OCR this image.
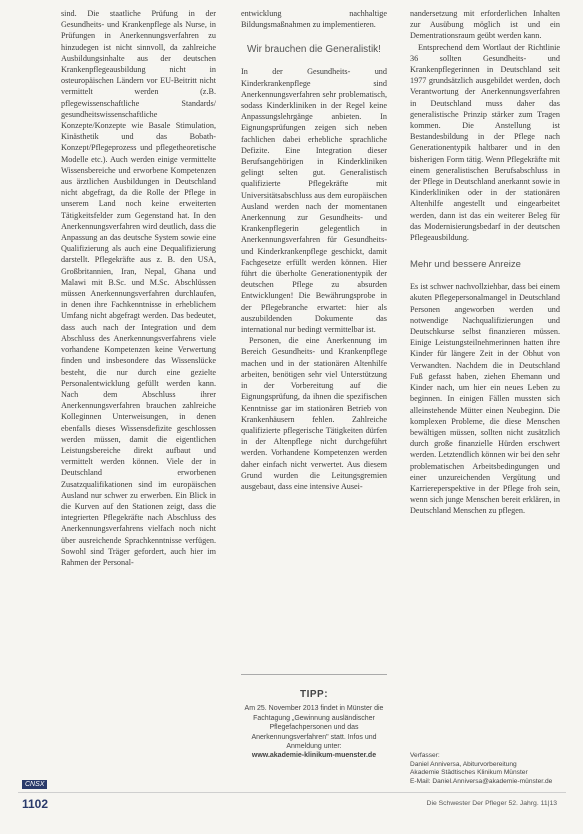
sind. Die staatliche Prüfung in der Gesundheits- und Krankenpflege als Nurse, in Prüfungen in Anerkennungsverfahren zu hinzudegen ist nicht sinnvoll, da zahlreiche Ausbildungsinhalte aus der deutschen Krankenpflegeausbildung nicht in osteuropäischen Ländern vor EU-Beitritt nicht vermittelt werden (z.B. pflegewissenschaftliche Standards/ gesundheitswissenschaftliche Konzepte/Konzepte wie Basale Stimulation, Kinästhetik und das Bobath-Konzept/Pflegeprozess und pflegetheoretische Modelle etc.). Auch werden einige vermittelte Wissensbereiche und erworbene Kompetenzen aus ärztlichen Ausbildungen in Deutschland nicht abgefragt, da die Rolle der Pflege in unserem Land noch keine erweiterten Tätigkeitsfelder zum Gegenstand hat. In den Anerkennungsverfahren wird deutlich, dass die Anpassung an das deutsche System sowie eine Qualifizierung als auch eine Dequalifizierung darstellt. Pflegekräfte aus z. B. den USA, Großbritannien, Iran, Nepal, Ghana und Malawi mit B.Sc. und M.Sc. Abschlüssen müssen Anerkennungsverfahren durchlaufen, in denen ihre Fachkenntnisse in erheblichem Umfang nicht abgefragt werden. Das bedeutet, dass auch nach der Integration und dem Abschluss des Anerkennungsverfahrens viele vorhandene Kompetenzen keine Verwertung finden und insbesondere das Wissenslücke besteht, die nur durch eine gezielte Personalentwicklung gefüllt werden kann. Nach dem Abschluss ihrer Anerkennungsverfahren brauchen zahlreiche Kolleginnen Unterweisungen, in denen ebenfalls dieses Wissensdefizite geschlossen werden müssen, damit die eigentlichen Leistungsbereiche direkt aufbaut und vermittelt werden können. Viele der in Deutschland erworbenen Zusatzqualifikationen sind im europäischen Ausland nur schwer zu erwerben. Ein Blick in die Kurven auf den Stationen zeigt, dass die integrierten Pflegekräfte nach Abschluss des Anerkennungsverfahrens vielfach noch nicht über ausreichende Sprachkenntnisse verfügen. Sowohl sind Träger gefordert, auch hier im Rahmen der Personal-

entwicklung nachhaltige Bildungsmaßnahmen zu implementieren.

Wir brauchen die Generalistik!

In der Gesundheits- und Kinderkrankenpflege sind Anerkennungsverfahren sehr problematisch, sodass Kinderkliniken in der Regel keine Anpassungslehrgänge anbieten. In Eignungsprüfungen zeigen sich neben fachlichen dabei erhebliche sprachliche Defizite. Eine Integration dieser Berufsangehörigen in Kinderkliniken gelingt selten gut. Generalistisch qualifizierte Pflegekräfte mit Universitätsabschluss aus dem europäischen Ausland werden nach der momentanen Anerkennung zur Gesundheits- und Krankenpflegerin gelegentlich in Anerkennungsverfahren für Gesundheits- und Kinderkrankenpflege geschickt, damit Fachgesetze erfüllt werden können. Hier führt die überholte Generationentypik der deutschen Pflege zu absurden Entwicklungen! Die Bewährungsprobe in der Pflegebranche erwartet: hier als auszubildenden Dokumente das international nur bedingt vermittelbar ist.

Personen, die eine Anerkennung im Bereich Gesundheits- und Krankenpflege machen und in der stationären Altenhilfe arbeiten, benötigen sehr viel Unterstützung in der Vorbereitung auf die Eignungsprüfung, da ihnen die spezifischen Kenntnisse gar im stationären Betrieb von Krankenhäusern fehlen. Zahlreiche qualifizierte pflegerische Tätigkeiten dürfen in der Altenpflege nicht durchgeführt werden. Vorhandene Kompetenzen werden daher einfach nicht verwertet. Aus diesem Grund wurden die Leitungsgremien ausgebaut, dass eine intensive Ausei-

TIPP:
Am 25. November 2013 findet in Münster die Fachtagung „Gewinnung ausländischer Pflegefachpersonen und das Anerkennungsverfahren" statt. Infos und Anmeldung unter:
www.akademie-klinikum-muenster.de

nandersetzung mit erforderlichen Inhalten zur Ausübung möglich ist und ein Dementrationsraum geübt werden kann.

Entsprechend dem Wortlaut der Richtlinie 36 sollten Gesundheits- und Krankenpflegerinnen in Deutschland seit 1977 grundsätzlich ausgebildet werden, doch Verantwortung der Anerkennungsverfahren in Deutschland muss daher das generalistische Prinzip stärker zum Tragen kommen. Die Anstellung ist Bestandesbildung in der Pflege nach Generationentypik haltbarer und in den bisherigen Form tätig. Wenn Pflegekräfte mit einem generalistischen Berufsabschluss in der Pflege in Deutschland anerkannt sowie in Kinderkliniken oder in der stationären Altenhilfe angestellt und eingearbeitet werden, dann ist das ein weiterer Beleg für das Modernisierungsbedarf in der deutschen Pflegeausbildung.

Mehr und bessere Anreize

Es ist schwer nachvollziehbar, dass bei einem akuten Pflegepersonalmangel in Deutschland Personen angeworben werden und notwendige Nachqualifizierungen und Deutschkurse selbst finanzieren müssen. Einige Leistungsteilnehmerinnen hatten ihre Kinder für längere Zeit in der Obhut von Verwandten. Nachdem die in Deutschland Fuß gefasst haben, ziehen Ehemann und Kinder nach, um hier ein neues Leben zu beginnen. In einigen Fällen mussten sich alleinstehende Mütter einen Neubeginn. Die komplexen Probleme, die diese Menschen bewältigen müssen, sollten nicht zusätzlich durch große finanzielle Hürden erschwert werden. Letztendlich können wir bei den sehr problematischen Arbeitsbedingungen und einer unzureichenden Vergütung und Karriereperspektive in der Pflege froh sein, wenn sich junge Menschen bereit erklären, in Deutschland Menschen zu pflegen.

Verfasser:
Daniel Anniversa, Abiturvorbereitung
Akademie Städtisches Klinikum Münster
E-Mail: Daniel.Anniversa@akademie-münster.de
CNSX
1102	Die Schwester Der Pfleger 52. Jahrg. 11|13
